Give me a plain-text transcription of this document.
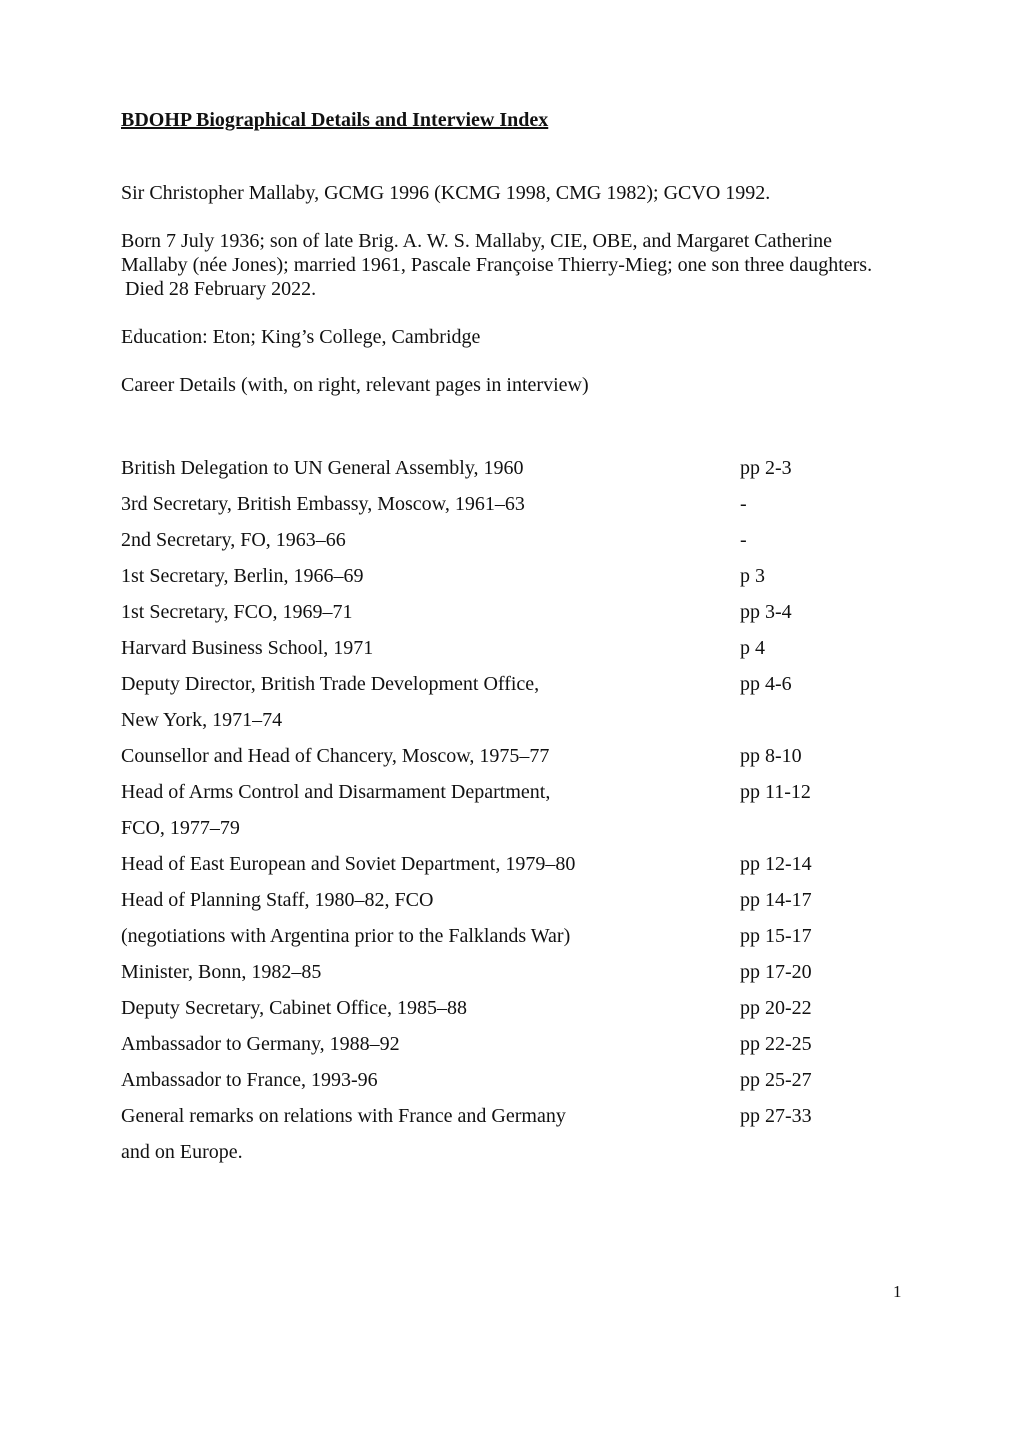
BDOHP Biographical Details and Interview Index
Sir Christopher Mallaby, GCMG 1996 (KCMG 1998, CMG 1982); GCVO 1992.
Born 7 July 1936; son of late Brig. A. W. S. Mallaby, CIE, OBE, and Margaret Catherine
Mallaby (née Jones); married 1961, Pascale Françoise Thierry-Mieg; one son three daughters.
Died 28 February 2022.
Education: Eton; King’s College, Cambridge
Career Details (with, on right, relevant pages in interview)
British Delegation to UN General Assembly, 1960	pp 2-3
3rd Secretary, British Embassy, Moscow, 1961–63	-
2nd Secretary, FO, 1963–66	-
1st Secretary, Berlin, 1966–69	p 3
1st Secretary, FCO, 1969–71	pp 3-4
Harvard Business School, 1971	p 4
Deputy Director, British Trade Development Office,	pp 4-6
New York, 1971–74
Counsellor and Head of Chancery, Moscow, 1975–77	pp 8-10
Head of Arms Control and Disarmament Department,	pp 11-12
FCO, 1977–79
Head of East European and Soviet Department, 1979–80	pp 12-14
Head of Planning Staff, 1980–82, FCO	pp 14-17
(negotiations with Argentina prior to the Falklands War)	pp 15-17
Minister, Bonn, 1982–85	pp 17-20
Deputy Secretary, Cabinet Office, 1985–88	pp 20-22
Ambassador to Germany, 1988–92	pp 22-25
Ambassador to France, 1993-96	pp 25-27
General remarks on relations with France and Germany	pp 27-33
and on Europe.
1
